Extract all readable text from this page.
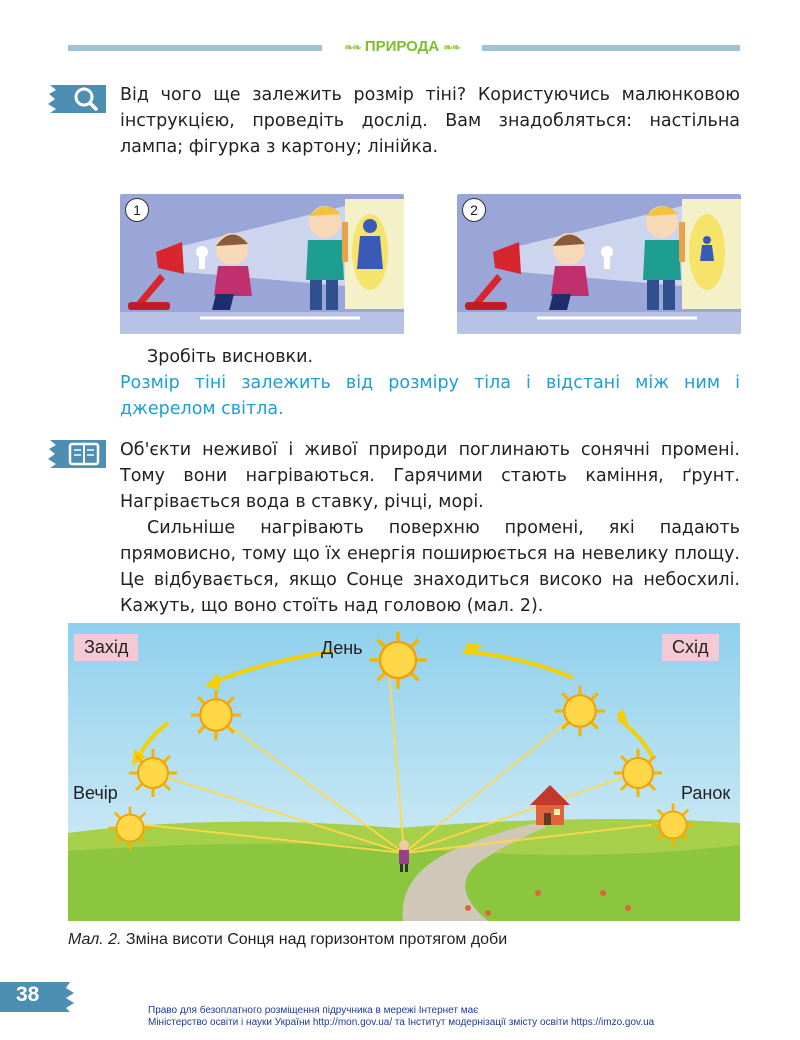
❧❧ ПРИРОДА ❧❧
Від чого ще залежить розмір тіні? Користуючись малюнковою інструкцією, проведіть дослід. Вам знадобляться: настільна лампа; фігурка з картону; лінійка.
1	2
Зробіть висновки.
Розмір тіні залежить від розміру тіла і відстані між ним і джерелом світла.
Об'єкти неживої і живої природи поглинають сонячні промені. Тому вони нагріваються. Гарячими стають каміння, ґрунт. Нагрівається вода в ставку, річці, морі.
Сильніше нагрівають поверхню промені, які падають прямовисно, тому що їх енергія поширюється на невелику площу. Це відбувається, якщо Сонце знаходиться високо на небосхилі. Кажуть, що воно стоїть над головою (мал. 2).
Захід	Схід
День
Вечір	Ранок
Мал. 2. Зміна висоти Сонця над горизонтом протягом доби
38
Право для безоплатного розміщення підручника в мережі Інтернет має
Міністерство освіти і науки України http://mon.gov.ua/ та Інститут модернізації змісту освіти https://imzo.gov.ua
